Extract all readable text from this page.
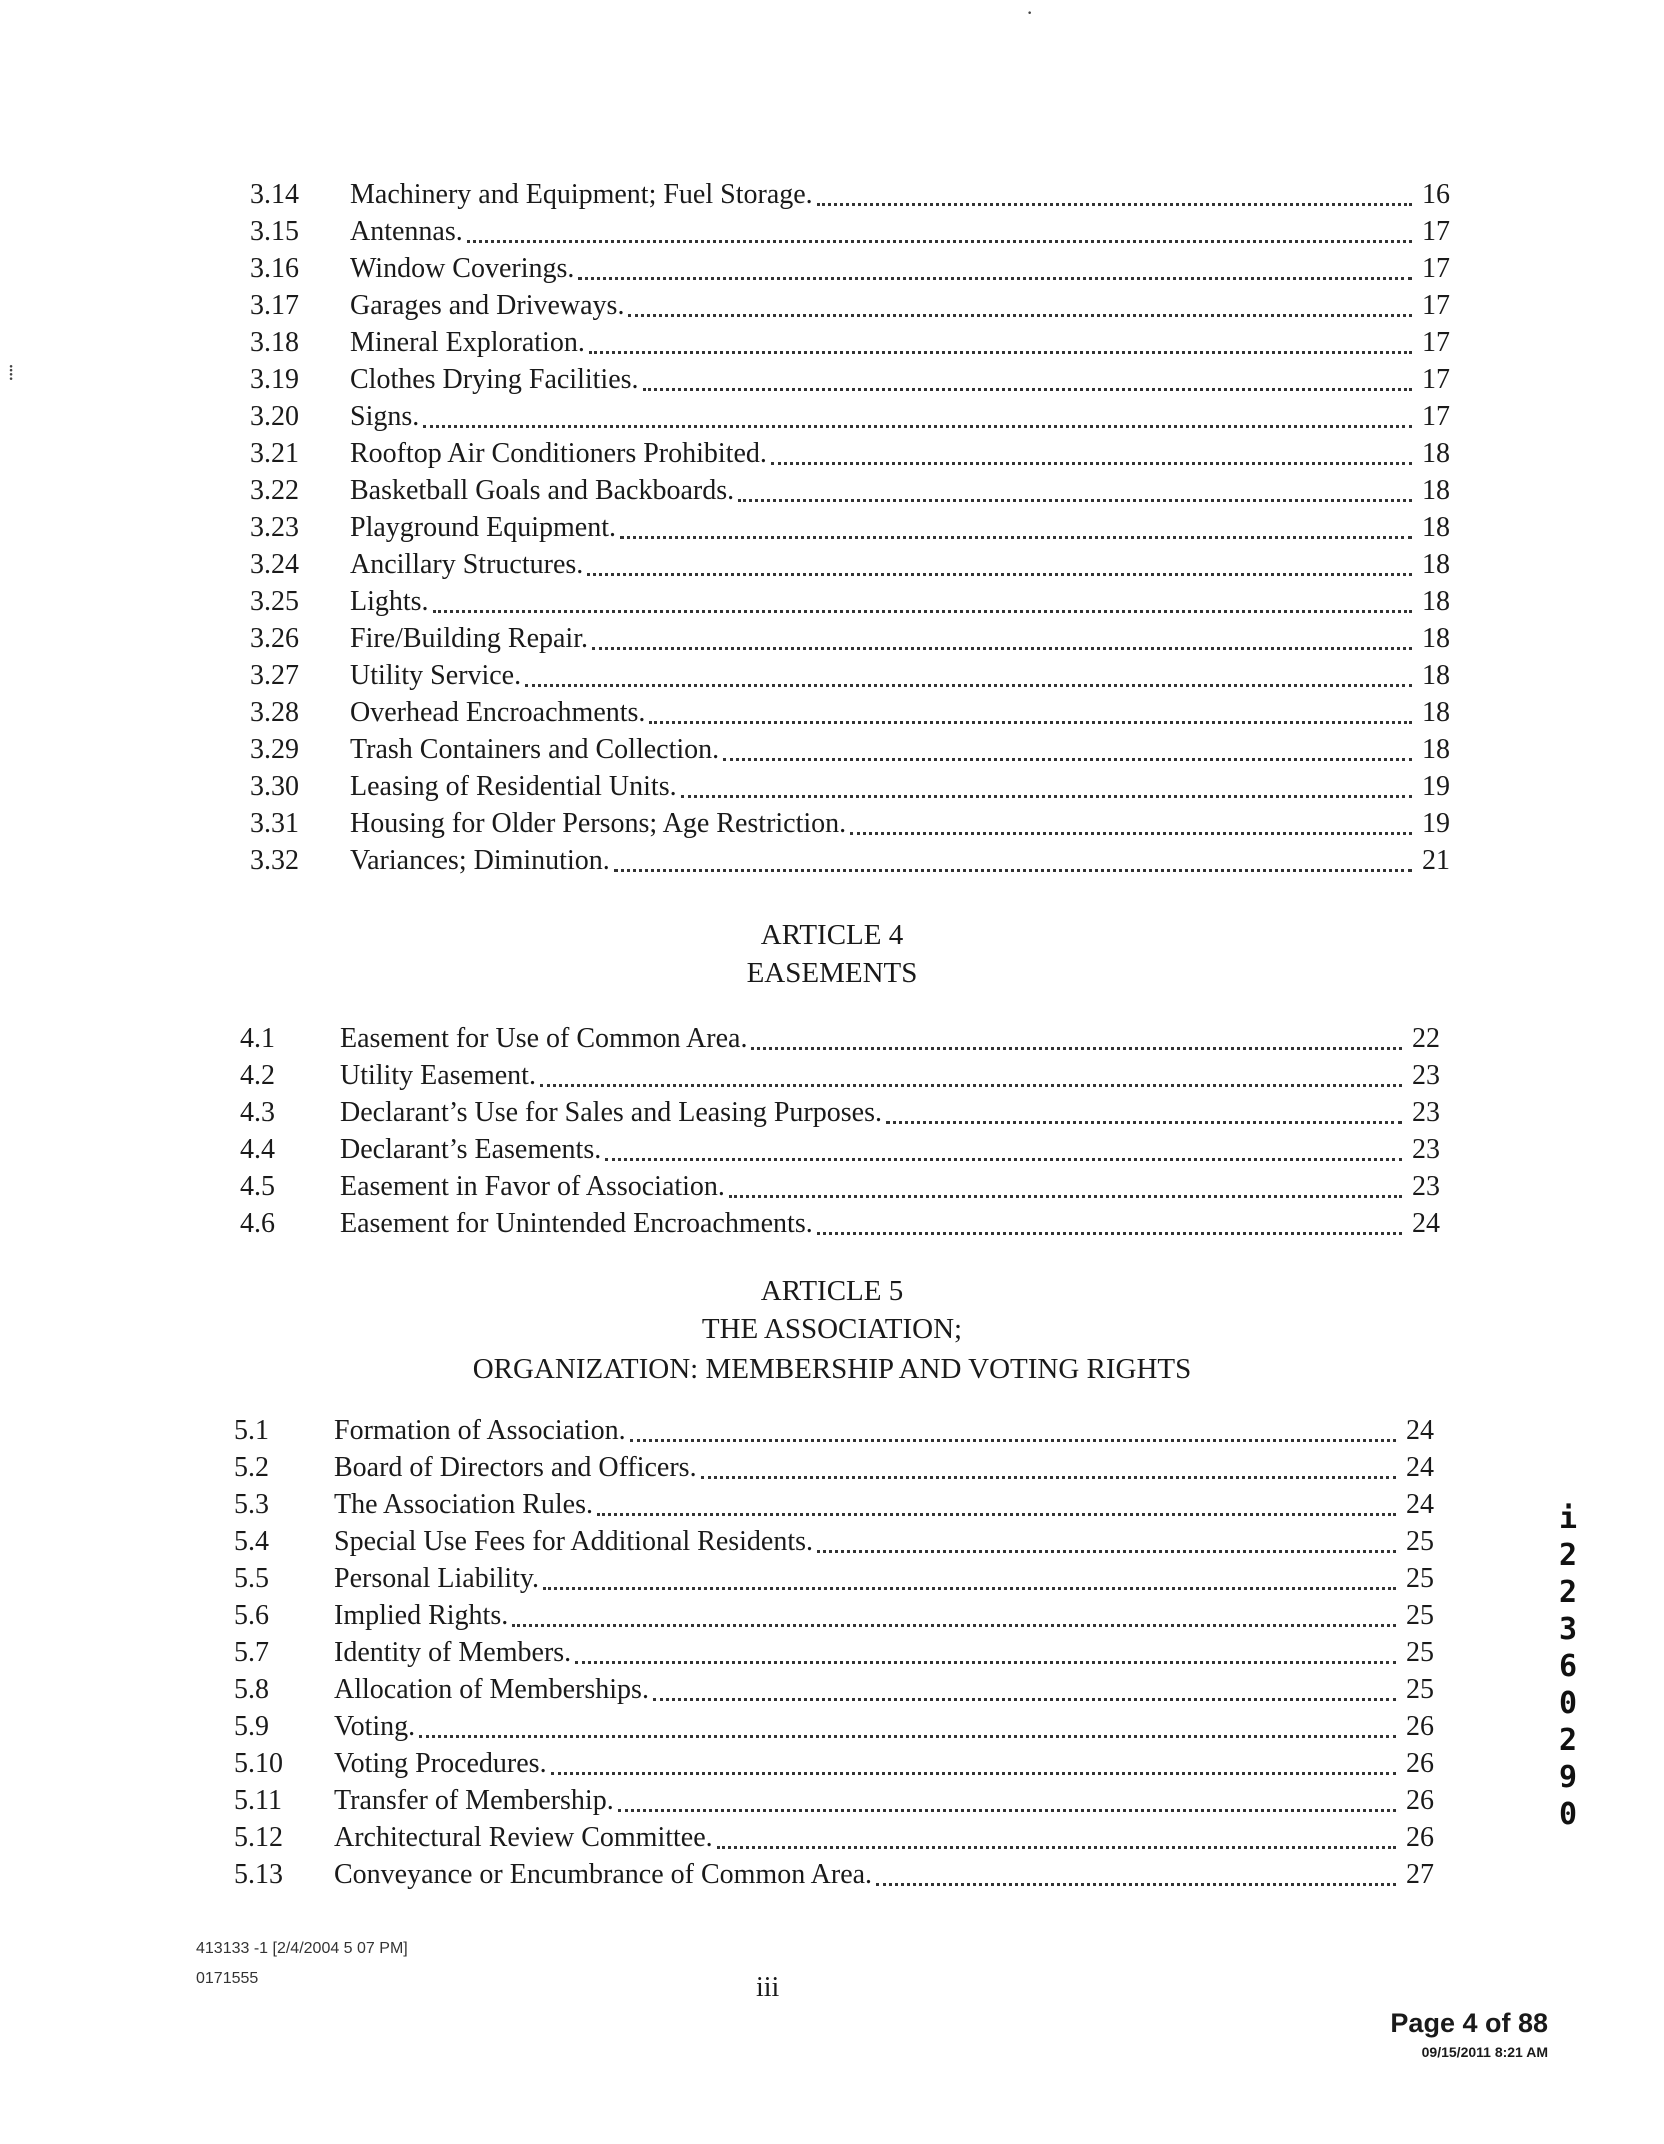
·
⁞
3.14	Machinery and Equipment; Fuel Storage.	16
3.15	Antennas.	17
3.16	Window Coverings.	17
3.17	Garages and Driveways.	17
3.18	Mineral Exploration.	17
3.19	Clothes Drying Facilities.	17
3.20	Signs.	17
3.21	Rooftop Air Conditioners Prohibited.	18
3.22	Basketball Goals and Backboards.	18
3.23	Playground Equipment.	18
3.24	Ancillary Structures.	18
3.25	Lights.	18
3.26	Fire/Building Repair.	18
3.27	Utility Service.	18
3.28	Overhead Encroachments.	18
3.29	Trash Containers and Collection.	18
3.30	Leasing of Residential Units.	19
3.31	Housing for Older Persons; Age Restriction.	19
3.32	Variances; Diminution.	21
ARTICLE 4
EASEMENTS
4.1	Easement for Use of Common Area.	22
4.2	Utility Easement.	23
4.3	Declarant’s Use for Sales and Leasing Purposes.	23
4.4	Declarant’s Easements.	23
4.5	Easement in Favor of Association.	23
4.6	Easement for Unintended Encroachments.	24
ARTICLE 5
THE ASSOCIATION;
ORGANIZATION: MEMBERSHIP AND VOTING RIGHTS
5.1	Formation of Association.	24
5.2	Board of Directors and Officers.	24
5.3	The Association Rules.	24
5.4	Special Use Fees for Additional Residents.	25
5.5	Personal Liability.	25
5.6	Implied Rights.	25
5.7	Identity of Members.	25
5.8	Allocation of Memberships.	25
5.9	Voting.	26
5.10	Voting Procedures.	26
5.11	Transfer of Membership.	26
5.12	Architectural Review Committee.	26
5.13	Conveyance or Encumbrance of Common Area.	27
i
2
2
3
6
0
2
9
0
413133 -1 [2/4/2004 5 07 PM]
0171555	iii
Page 4 of 88
09/15/2011 8:21 AM
